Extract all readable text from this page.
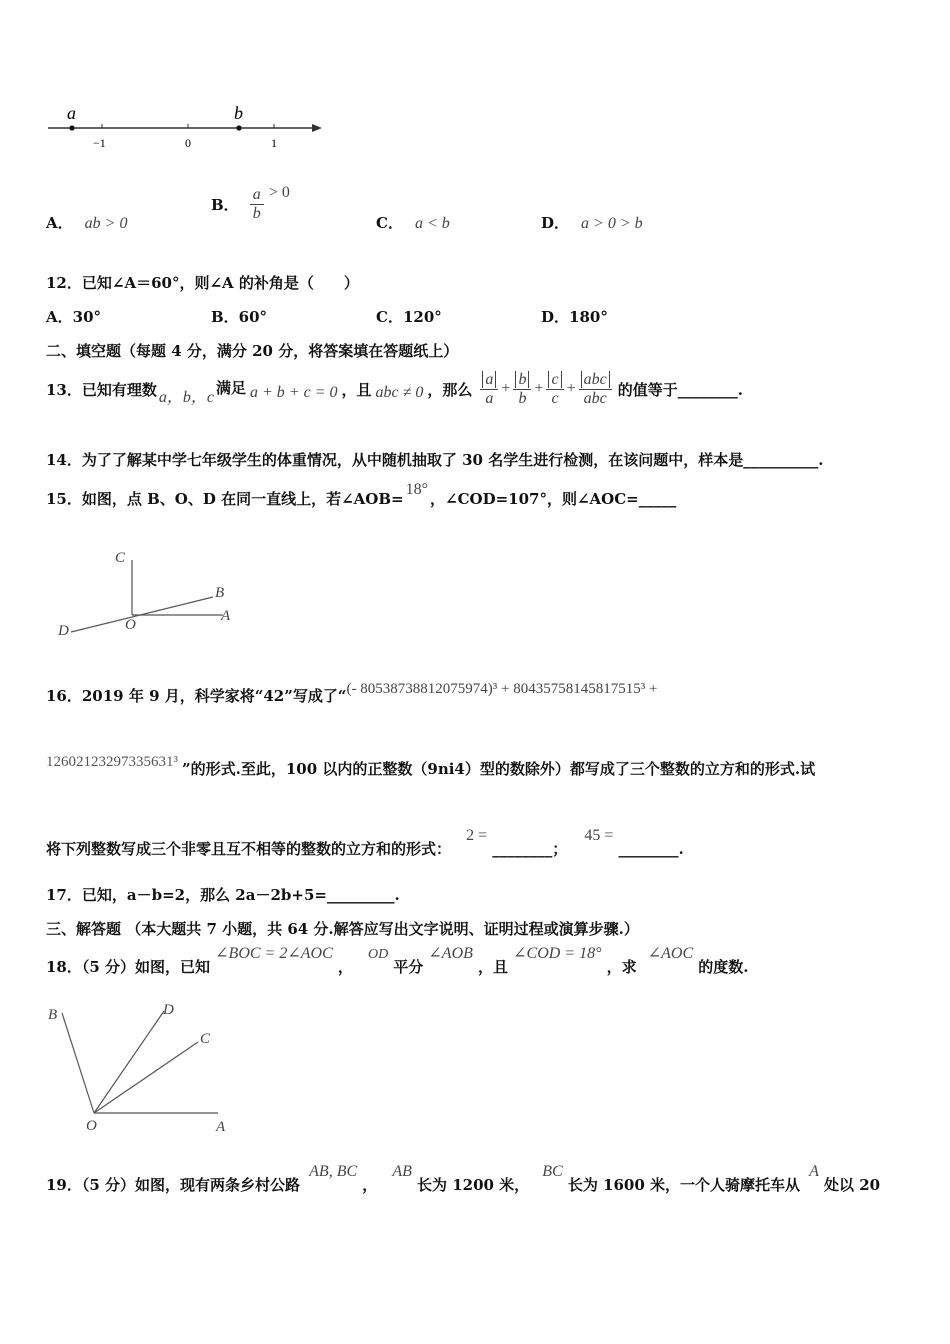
a	b
−1	0	1
A． ab > 0
B． $\frac{a}{b} > 0$
C． a < b	D． a > 0 > b
12．已知∠A＝60°，则∠A 的补角是（　　）
A．30°	B．60°	C．120°	D．180°
二、填空题（每题 4 分，满分 20 分，将答案填在答题纸上）
13．已知有理数 a，b，c
满足 a + b + c = 0 ，且 abc ≠ 0 ，那么 $\frac{a}{a} + \frac{b}{b} + \frac{c}{c} + \frac{\text{abc}}{\text{abc}}$ 的值等于________.
14．为了了解某中学七年级学生的体重情况，从中随机抽取了 30 名学生进行检测，在该问题中，样本是__________.
15．如图，点 B、O、D 在同一直线上，若∠AOB=18°，∠COD=107°，则∠AOC=_____
C
B
A
O
D
16．2019 年 9 月，科学家将“42”写成了“(- 80538738812075974)³ + 80435758145817515³ +
12602123297335631³ ”的形式.至此，100 以内的正整数（9ni4）型的数除外）都写成了三个整数的立方和的形式.试
将下列整数写成三个非零且互不相等的整数的立方和的形式： 2 = ________； 45 = ________.
17．已知，a－b=2，那么 2a－2b+5=_________.
三、解答题 （本大题共 7 小题，共 64 分.解答应写出文字说明、证明过程或演算步骤.）
18．（5 分）如图，已知 ∠BOC = 2∠AOC ， OD 平分 ∠AOB ，且 ∠COD = 18° ，求 ∠AOC 的度数.
B	D
C
O	A
19．（5 分）如图，现有两条乡村公路 AB, BC ， AB 长为 1200 米， BC 长为 1600 米，一个人骑摩托车从 A 处以 20
